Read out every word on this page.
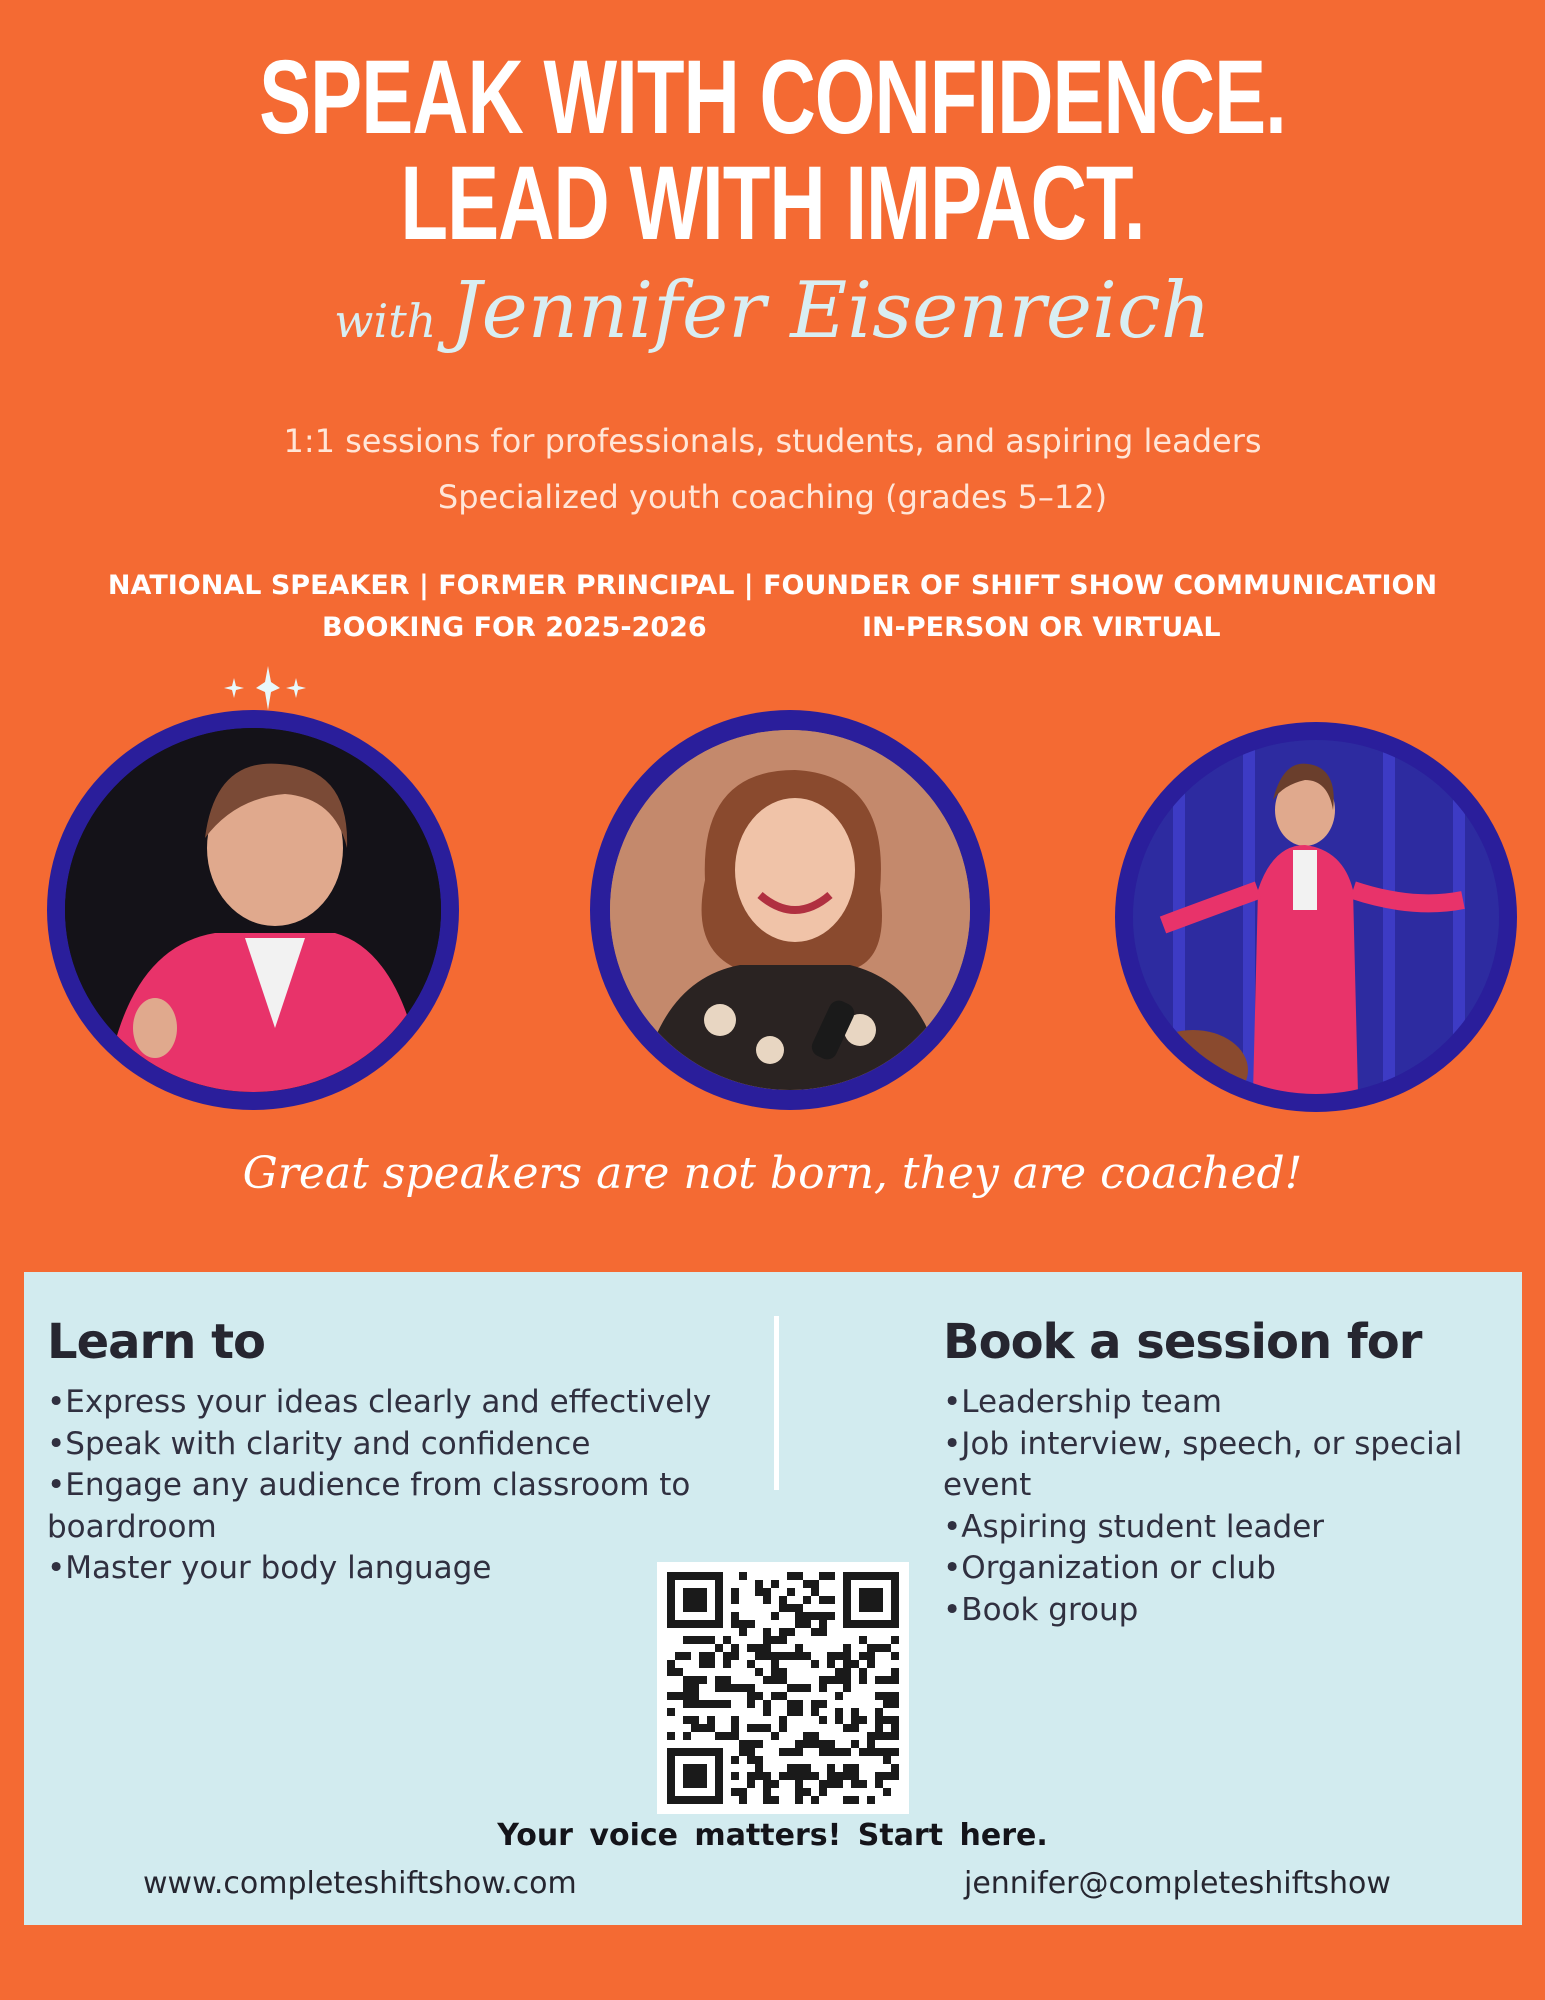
SPEAK WITH CONFIDENCE.
LEAD WITH IMPACT.
with Jennifer Eisenreich
1:1 sessions for professionals, students, and aspiring leaders
Specialized youth coaching (grades 5–12)
NATIONAL SPEAKER | FORMER PRINCIPAL | FOUNDER OF SHIFT SHOW COMMUNICATION
BOOKING FOR 2025-2026	IN-PERSON OR VIRTUAL
Great speakers are not born, they are coached!
Learn to
• Express your ideas clearly and effectively
• Speak with clarity and confidence
• Engage any audience from classroom to boardroom
• Master your body language
Book a session for
• Leadership team
• Job interview, speech, or special event
• Aspiring student leader
• Organization or club
• Book group
Your voice matters! Start here.
www.completeshiftshow.com	jennifer@completeshiftshow
